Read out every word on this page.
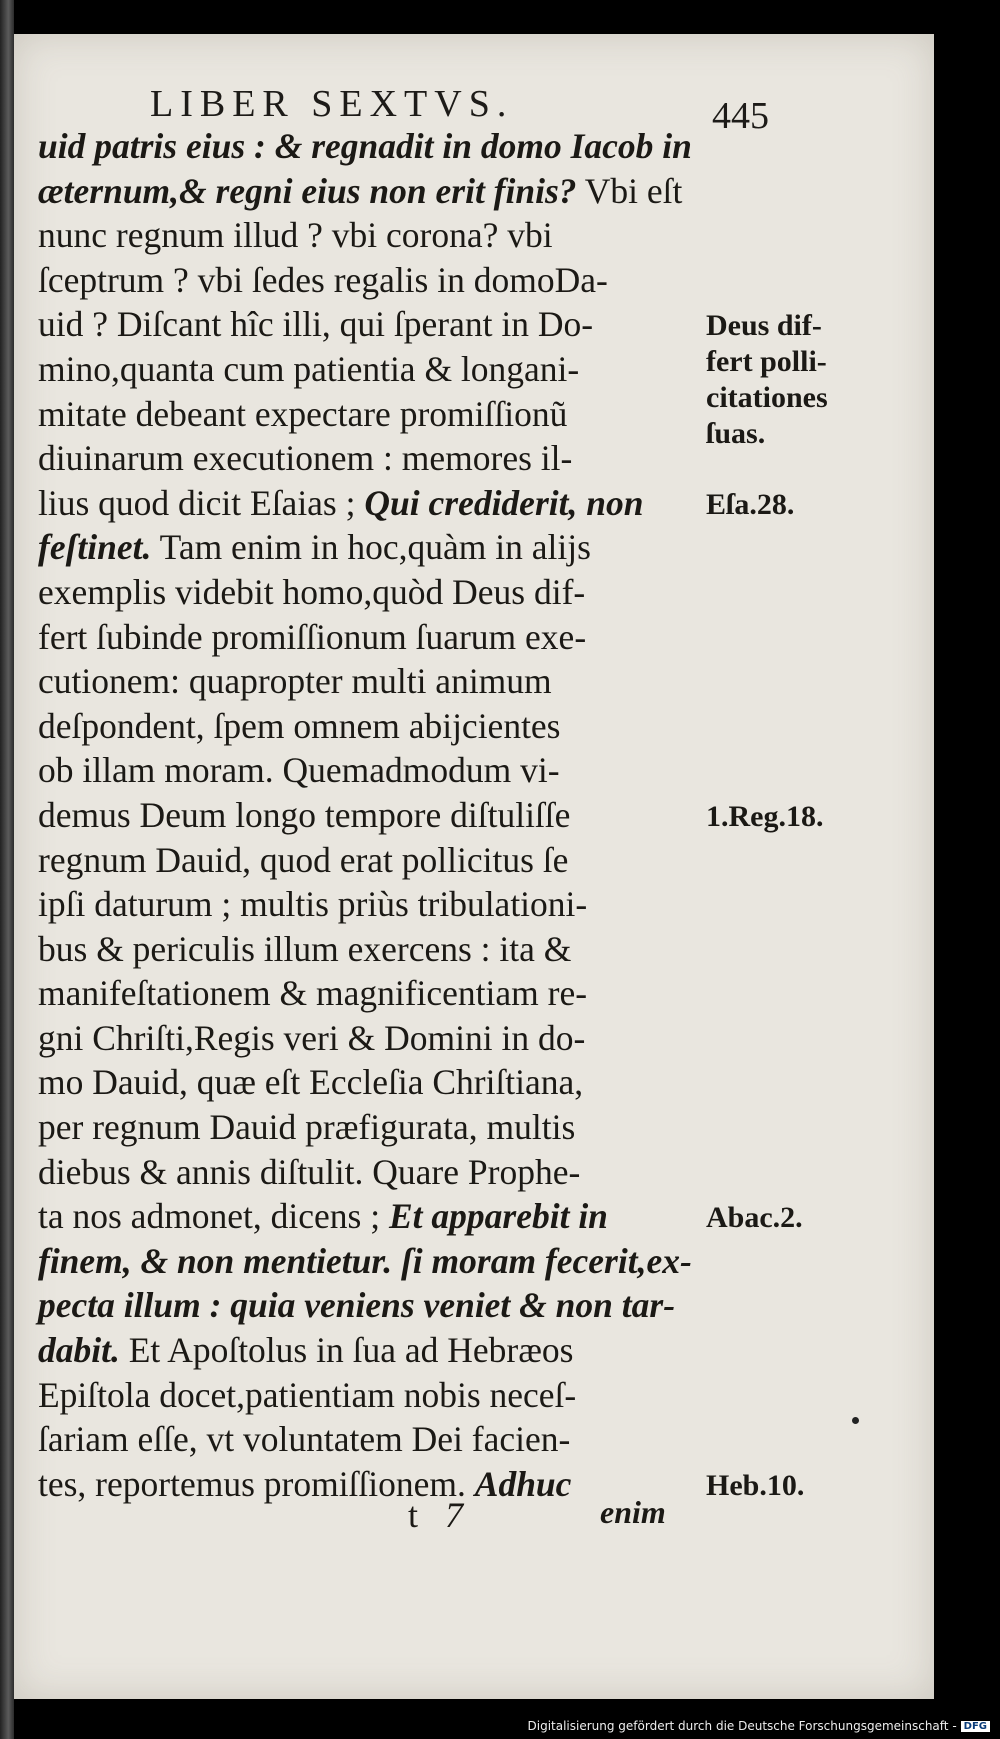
LIBER SEXTVS.	445
uid patris eius : & regnadit in domo Iacob in
æternum,& regni eius non erit finis? Vbi eſt
nunc regnum illud ? vbi corona? vbi
ſceptrum ? vbi ſedes regalis in domoDa-
uid ? Diſcant hîc illi, qui ſperant in Do-
mino,quanta cum patientia & longani-
mitate debeant expectare promiſſionũ
diuinarum executionem : memores il-
lius quod dicit Eſaias ; Qui crediderit, non
feſtinet. Tam enim in hoc,quàm in alijs
exemplis videbit homo,quòd Deus dif-
fert ſubinde promiſſionum ſuarum exe-
cutionem: quapropter multi animum
deſpondent, ſpem omnem abijcientes
ob illam moram. Quemadmodum vi-
demus Deum longo tempore diſtuliſſe
regnum Dauid, quod erat pollicitus ſe
ipſi daturum ; multis priùs tribulationi-
bus & periculis illum exercens : ita &
manifeſtationem & magnificentiam re-
gni Chriſti,Regis veri & Domini in do-
mo Dauid, quæ eſt Eccleſia Chriſtiana,
per regnum Dauid præfigurata, multis
diebus & annis diſtulit. Quare Prophe-
ta nos admonet, dicens ; Et apparebit in
finem, & non mentietur. ſi moram fecerit,ex-
pecta illum : quia veniens veniet & non tar-
dabit. Et Apoſtolus in ſua ad Hebræos
Epiſtola docet,patientiam nobis neceſ-
ſariam eſſe, vt voluntatem Dei facien-
tes, reportemus promiſſionem. Adhuc
Deus dif-
fert polli-
citationes
ſuas.
Eſa.28.
1.Reg.18.
Abac.2.
Heb.10.
t 7	enim
Digitalisierung gefördert durch die Deutsche Forschungsgemeinschaft - DFG
